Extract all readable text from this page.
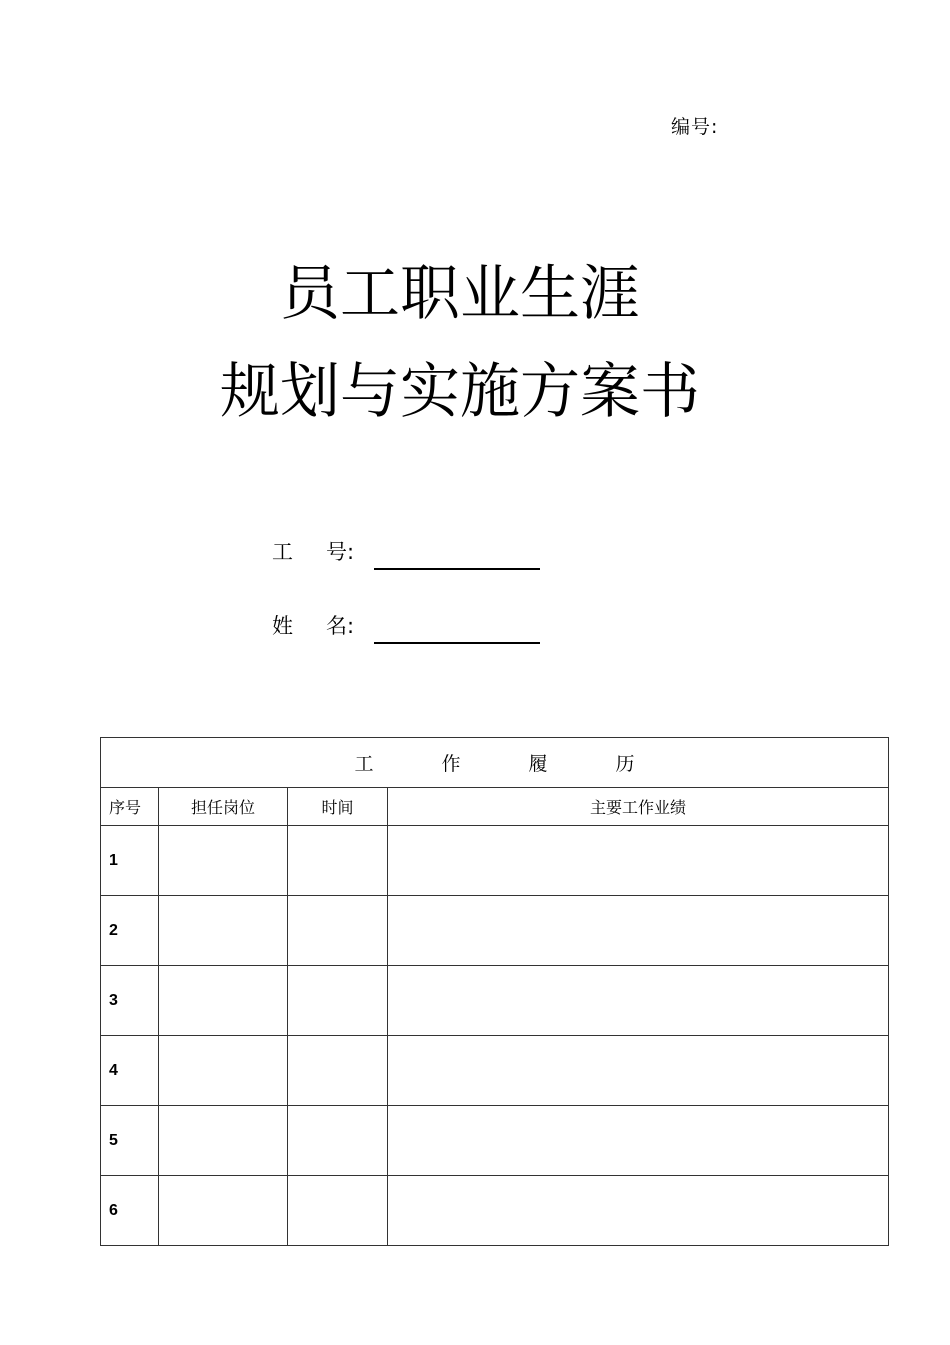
编号:
员工职业生涯
规划与实施方案书
工	号:
姓	名:
工 作 履 历			

序号	担任岗位	时间	主要工作业绩
1			
2			
3			
4			
5			
6			
